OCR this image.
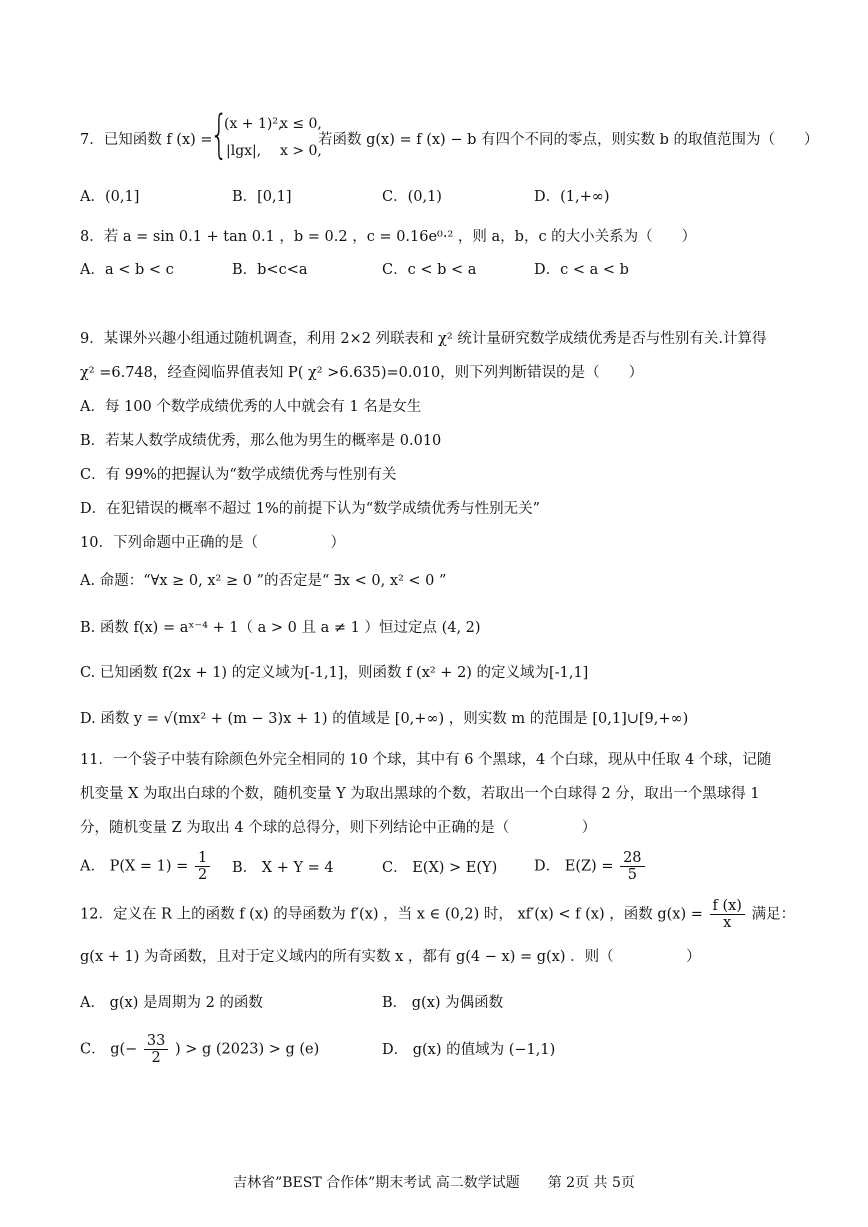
7．已知函数 f (x) =
{
(x + 1)²,
x ≤ 0,
|lgx|, x > 0,
若函数 g(x) = f (x) − b 有四个不同的零点，则实数 b 的取值范围为（　　）
A．(0,1]	B．[0,1]	C．(0,1)	D．(1,+∞)
8．若 a = sin 0.1 + tan 0.1 ，b = 0.2 ，c = 0.16e⁰·² ，则 a，b，c 的大小关系为（　　）
A．a < b < c	B．b<c<a	C．c < b < a	D．c < a < b
9．某课外兴趣小组通过随机调查，利用 2×2 列联表和 χ² 统计量研究数学成绩优秀是否与性别有关.计算得
χ² =6.748，经查阅临界值表知 P( χ² >6.635)=0.010，则下列判断错误的是（　　）
A．每 100 个数学成绩优秀的人中就会有 1 名是女生
B．若某人数学成绩优秀，那么他为男生的概率是 0.010
C．有 99%的把握认为“数学成绩优秀与性别有关
D．在犯错误的概率不超过 1%的前提下认为“数学成绩优秀与性别无关”
10．下列命题中正确的是（　　　　　）
A. 命题：“∀x ≥ 0, x² ≥ 0 ”的否定是“ ∃x < 0, x² < 0 ”
B. 函数 f(x) = aˣ⁻⁴ + 1（ a > 0 且 a ≠ 1 ）恒过定点 (4, 2)
C. 已知函数 f(2x + 1) 的定义域为[-1,1]，则函数 f (x² + 2) 的定义域为[-1,1]
D. 函数 y = √(mx² + (m − 3)x + 1) 的值域是 [0,+∞) ，则实数 m 的范围是 [0,1]∪[9,+∞)
11．一个袋子中装有除颜色外完全相同的 10 个球，其中有 6 个黑球，4 个白球，现从中任取 4 个球，记随
机变量 X 为取出白球的个数，随机变量 Y 为取出黑球的个数，若取出一个白球得 2 分，取出一个黑球得 1
分，随机变量 Z 为取出 4 个球的总得分，则下列结论中正确的是（　　　　　）
A． $P(X = 1) = \frac{1}{2}$ B． X + Y = 4	C． E(X) > E(Y)	D． $E(Z) = \frac{28}{5}$
12．定义在 R 上的函数 f (x) 的导函数为 f′(x) ，当 x ∈ (0,2) 时， xf′(x) < f (x) ，函数 $g(x) = \frac{f (x)}{x}$ 满足：
g(x + 1) 为奇函数，且对于定义域内的所有实数 x ，都有 g(4 − x) = g(x) ．则（　　　　　）
A． g(x) 是周期为 2 的函数	B． g(x) 为偶函数
C． $g(- \frac{33}{2}$ ) > g (2023) > g (e)	D． g(x) 的值域为 (−1,1)
吉林省”BEST 合作体”期末考试 高二数学试题　　第 2页 共 5页
